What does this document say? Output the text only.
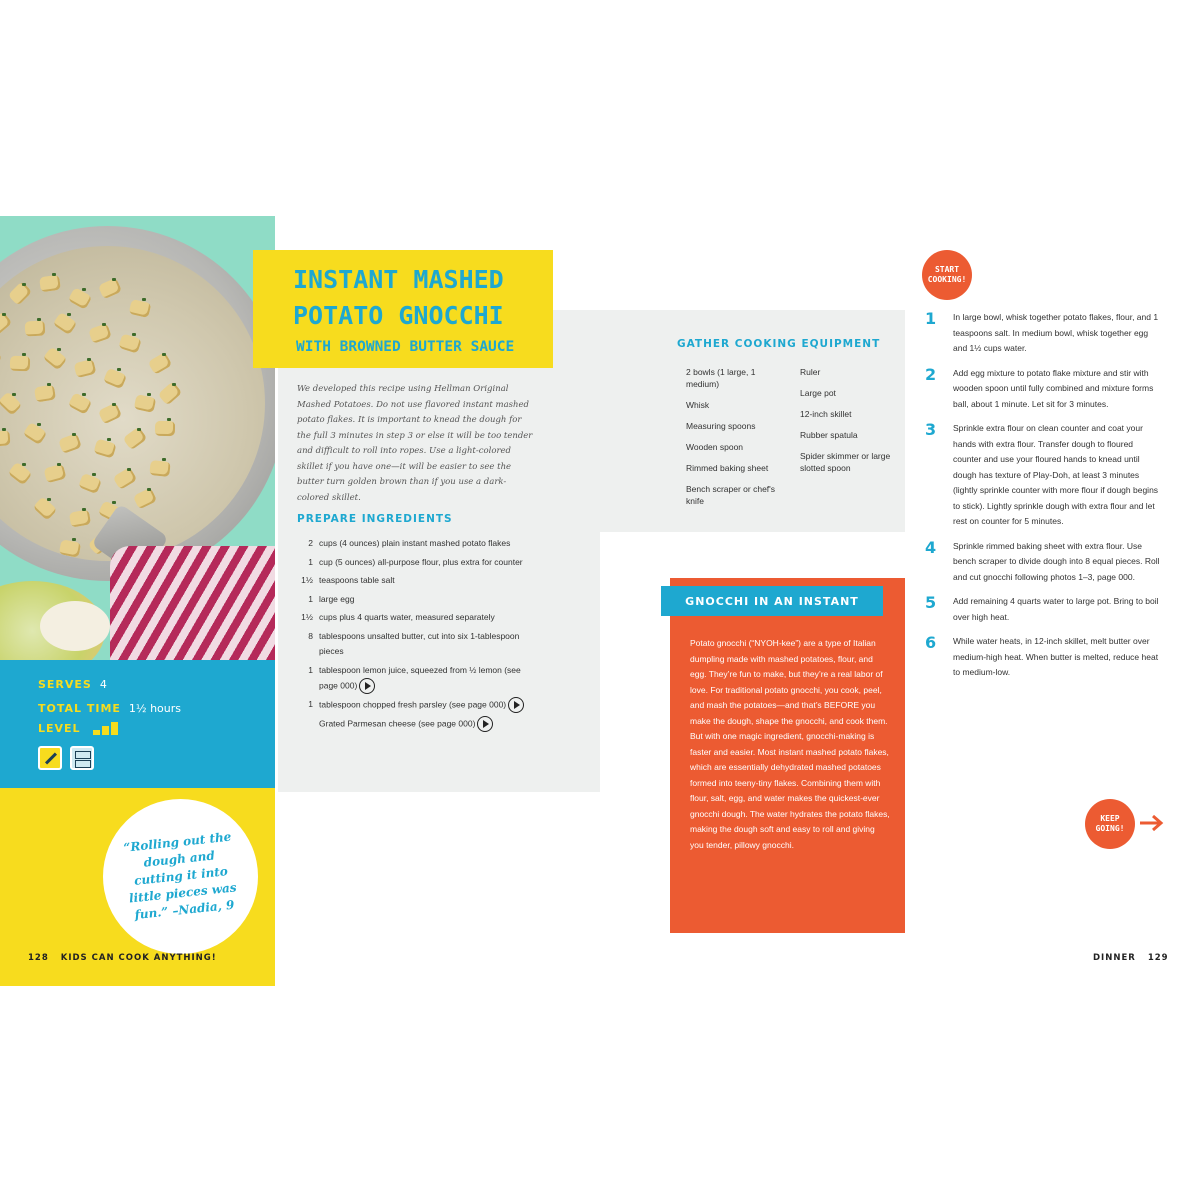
SERVES 4
TOTAL TIME 1½ hours
LEVEL
“Rolling out the dough and cutting it into little pieces was fun.” –Nadia, 9
128 KIDS CAN COOK ANYTHING!
INSTANT MASHED POTATO GNOCCHI
WITH BROWNED BUTTER SAUCE

We developed this recipe using Hellman Original Mashed Potatoes. Do not use flavored instant mashed potato flakes. It is important to knead the dough for the full 3 minutes in step 3 or else it will be too tender and difficult to roll into ropes. Use a light-colored skillet if you have one—it will be easier to see the butter turn golden brown than if you use a dark-colored skillet.

PREPARE INGREDIENTS
2 cups (4 ounces) plain instant mashed potato flakes
1 cup (5 ounces) all-purpose flour, plus extra for counter
1½ teaspoons table salt
1 large egg
1½ cups plus 4 quarts water, measured separately
8 tablespoons unsalted butter, cut into six 1-tablespoon pieces
1 tablespoon lemon juice, squeezed from ½ lemon (see page 000)
1 tablespoon chopped fresh parsley (see page 000)
Grated Parmesan cheese (see page 000)
GATHER COOKING EQUIPMENT
2 bowls (1 large, 1 medium)
Whisk
Measuring spoons
Wooden spoon
Rimmed baking sheet
Bench scraper or chef's knife
Ruler
Large pot
12-inch skillet
Rubber spatula
Spider skimmer or large slotted spoon
GNOCCHI IN AN INSTANT

Potato gnocchi (“NYOH-kee”) are a type of Italian dumpling made with mashed potatoes, flour, and egg. They’re fun to make, but they’re a real labor of love. For traditional potato gnocchi, you cook, peel, and mash the potatoes—and that’s BEFORE you make the dough, shape the gnocchi, and cook them. But with one magic ingredient, gnocchi-making is faster and easier. Most instant mashed potato flakes, which are essentially dehydrated mashed potatoes formed into teeny-tiny flakes. Combining them with flour, salt, egg, and water makes the quickest-ever gnocchi dough. The water hydrates the potato flakes, making the dough soft and easy to roll and giving you tender, pillowy gnocchi.

START COOKING!
1	In large bowl, whisk together potato flakes, flour, and 1 teaspoons salt. In medium bowl, whisk together egg and 1½ cups water.
2	Add egg mixture to potato flake mixture and stir with wooden spoon until fully combined and mixture forms ball, about 1 minute. Let sit for 3 minutes.
3	Sprinkle extra flour on clean counter and coat your hands with extra flour. Transfer dough to floured counter and use your floured hands to knead until dough has texture of Play-Doh, at least 3 minutes (lightly sprinkle counter with more flour if dough begins to stick). Lightly sprinkle dough with extra flour and let rest on counter for 5 minutes.
4	Sprinkle rimmed baking sheet with extra flour. Use bench scraper to divide dough into 8 equal pieces. Roll and cut gnocchi following photos 1–3, page 000.
5	Add remaining 4 quarts water to large pot. Bring to boil over high heat.
6	While water heats, in 12-inch skillet, melt butter over medium-high heat. When butter is melted, reduce heat to medium-low.
KEEP GOING!
DINNER 129
